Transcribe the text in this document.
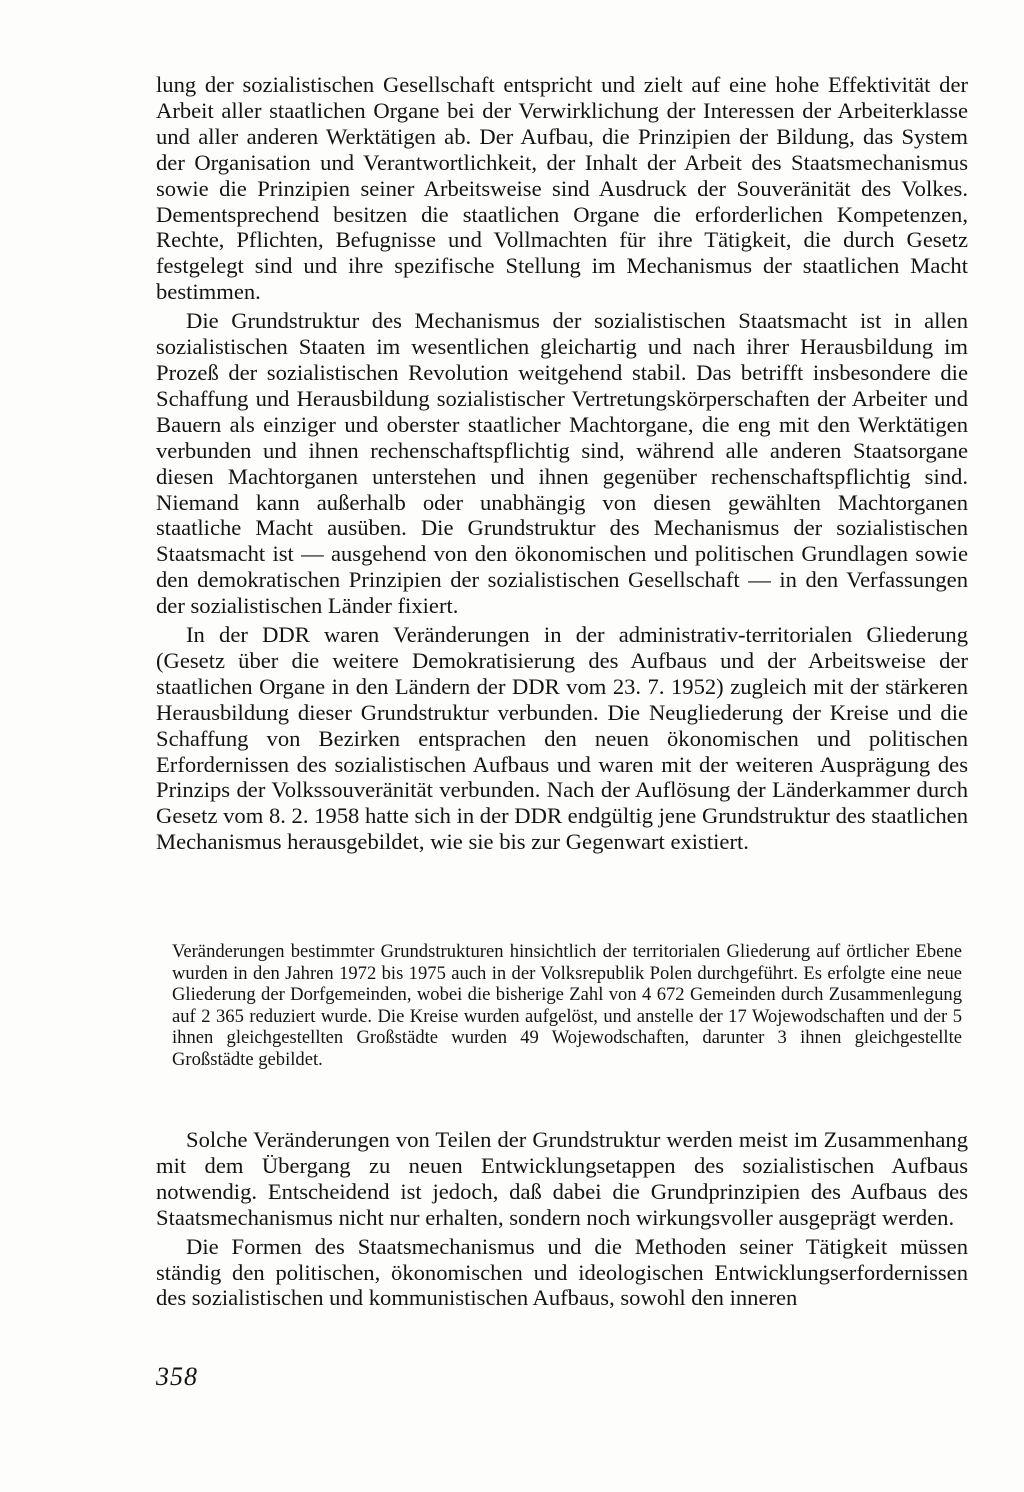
lung der sozialistischen Gesellschaft entspricht und zielt auf eine hohe Effektivität der Arbeit aller staatlichen Organe bei der Verwirklichung der Interessen der Arbeiterklasse und aller anderen Werktätigen ab. Der Aufbau, die Prinzipien der Bildung, das System der Organisation und Verantwortlichkeit, der Inhalt der Arbeit des Staatsmechanismus sowie die Prinzipien seiner Arbeitsweise sind Ausdruck der Souveränität des Volkes. Dementsprechend besitzen die staatlichen Organe die erforderlichen Kompetenzen, Rechte, Pflichten, Befugnisse und Vollmachten für ihre Tätigkeit, die durch Gesetz festgelegt sind und ihre spezifische Stellung im Mechanismus der staatlichen Macht bestimmen.

Die Grundstruktur des Mechanismus der sozialistischen Staatsmacht ist in allen sozialistischen Staaten im wesentlichen gleichartig und nach ihrer Herausbildung im Prozeß der sozialistischen Revolution weitgehend stabil. Das betrifft insbesondere die Schaffung und Herausbildung sozialistischer Vertretungskörperschaften der Arbeiter und Bauern als einziger und oberster staatlicher Machtorgane, die eng mit den Werktätigen verbunden und ihnen rechenschaftspflichtig sind, während alle anderen Staatsorgane diesen Machtorganen unterstehen und ihnen gegenüber rechenschaftspflichtig sind. Niemand kann außerhalb oder unabhängig von diesen gewählten Machtorganen staatliche Macht ausüben. Die Grundstruktur des Mechanismus der sozialistischen Staatsmacht ist — ausgehend von den ökonomischen und politischen Grundlagen sowie den demokratischen Prinzipien der sozialistischen Gesellschaft — in den Verfassungen der sozialistischen Länder fixiert.

In der DDR waren Veränderungen in der administrativ-territorialen Gliederung (Gesetz über die weitere Demokratisierung des Aufbaus und der Arbeitsweise der staatlichen Organe in den Ländern der DDR vom 23. 7. 1952) zugleich mit der stärkeren Herausbildung dieser Grundstruktur verbunden. Die Neugliederung der Kreise und die Schaffung von Bezirken entsprachen den neuen ökonomischen und politischen Erfordernissen des sozialistischen Aufbaus und waren mit der weiteren Ausprägung des Prinzips der Volkssouveränität verbunden. Nach der Auflösung der Länderkammer durch Gesetz vom 8. 2. 1958 hatte sich in der DDR endgültig jene Grundstruktur des staatlichen Mechanismus herausgebildet, wie sie bis zur Gegenwart existiert.

Veränderungen bestimmter Grundstrukturen hinsichtlich der territorialen Gliederung auf örtlicher Ebene wurden in den Jahren 1972 bis 1975 auch in der Volksrepublik Polen durchgeführt. Es erfolgte eine neue Gliederung der Dorfgemeinden, wobei die bisherige Zahl von 4 672 Gemeinden durch Zusammenlegung auf 2 365 reduziert wurde. Die Kreise wurden aufgelöst, und anstelle der 17 Wojewodschaften und der 5 ihnen gleichgestellten Großstädte wurden 49 Wojewodschaften, darunter 3 ihnen gleichgestellte Großstädte gebildet.

Solche Veränderungen von Teilen der Grundstruktur werden meist im Zusammenhang mit dem Übergang zu neuen Entwicklungsetappen des sozialistischen Aufbaus notwendig. Entscheidend ist jedoch, daß dabei die Grundprinzipien des Aufbaus des Staatsmechanismus nicht nur erhalten, sondern noch wirkungsvoller ausgeprägt werden.

Die Formen des Staatsmechanismus und die Methoden seiner Tätigkeit müssen ständig den politischen, ökonomischen und ideologischen Entwicklungserfordernissen des sozialistischen und kommunistischen Aufbaus, sowohl den inneren

358
